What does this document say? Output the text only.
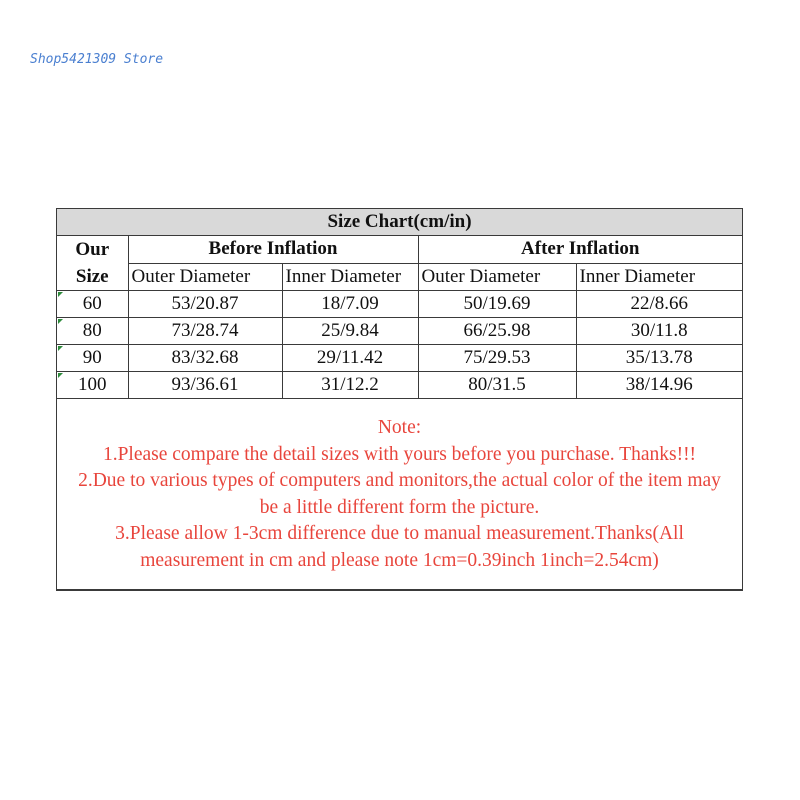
Shop5421309 Store
Size Chart(cm/in)				

Our
Size	Before Inflation		After Inflation	
	Outer Diameter	Inner Diameter	Outer Diameter	Inner Diameter

60	53/20.87	18/7.09	50/19.69	22/8.66

80	73/28.74	25/9.84	66/25.98	30/11.8

90	83/32.68	29/11.42	75/29.53	35/13.78

100	93/36.61	31/12.2	80/31.5	38/14.96
Note:
1.Please compare the detail sizes with yours before you purchase. Thanks!!!
2.Due to various types of computers and monitors,the actual color of the item may
be a little different form the picture.
3.Please allow 1-3cm difference due to manual measurement.Thanks(All
measurement in cm and please note 1cm=0.39inch 1inch=2.54cm)
